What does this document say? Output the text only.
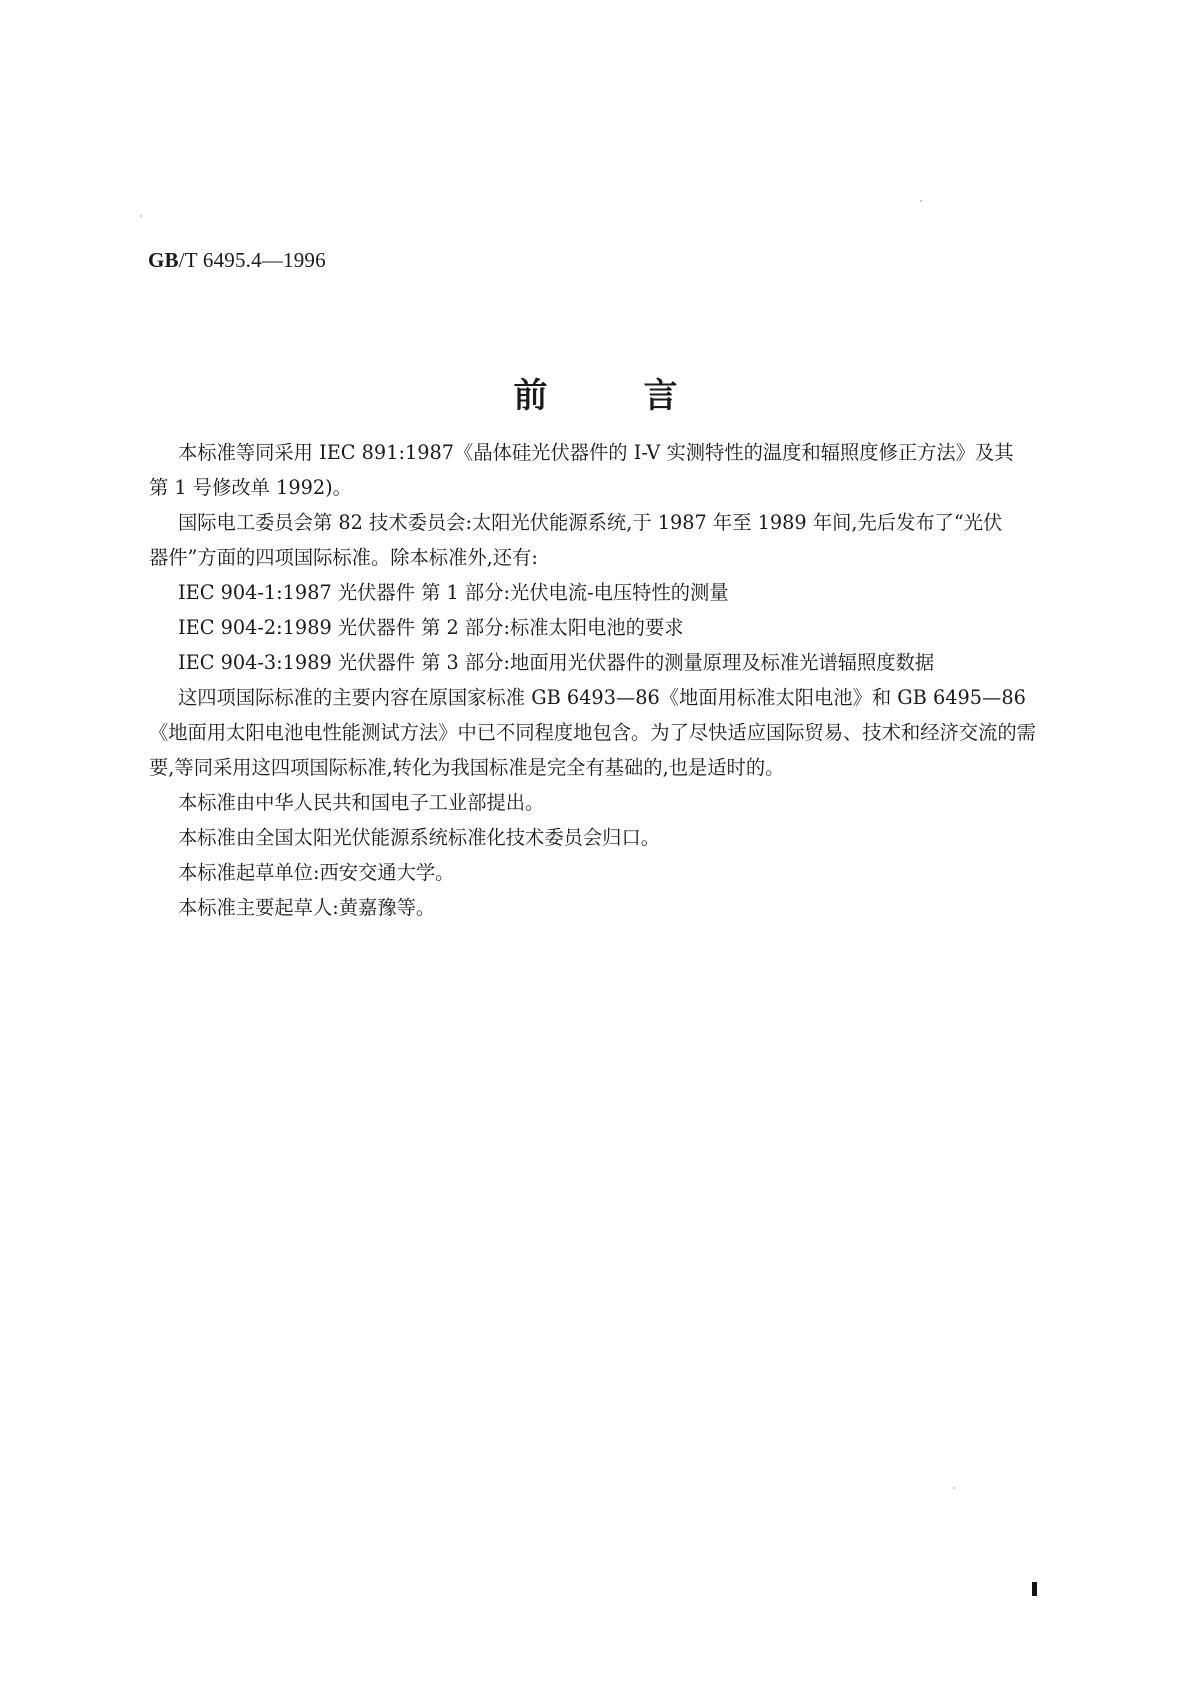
GB/T 6495.4—1996
前言

本标准等同采用 IEC 891:1987《晶体硅光伏器件的 I-V 实测特性的温度和辐照度修正方法》及其
第 1 号修改单 1992)。

国际电工委员会第 82 技术委员会:太阳光伏能源系统,于 1987 年至 1989 年间,先后发布了“光伏
器件”方面的四项国际标准。除本标准外,还有:

IEC 904-1:1987 光伏器件 第 1 部分:光伏电流-电压特性的测量

IEC 904-2:1989 光伏器件 第 2 部分:标准太阳电池的要求

IEC 904-3:1989 光伏器件 第 3 部分:地面用光伏器件的测量原理及标准光谱辐照度数据

这四项国际标准的主要内容在原国家标准 GB 6493—86《地面用标准太阳电池》和 GB 6495—86
《地面用太阳电池电性能测试方法》中已不同程度地包含。为了尽快适应国际贸易、技术和经济交流的需
要,等同采用这四项国际标准,转化为我国标准是完全有基础的,也是适时的。

本标准由中华人民共和国电子工业部提出。

本标准由全国太阳光伏能源系统标准化技术委员会归口。

本标准起草单位:西安交通大学。

本标准主要起草人:黄嘉豫等。
